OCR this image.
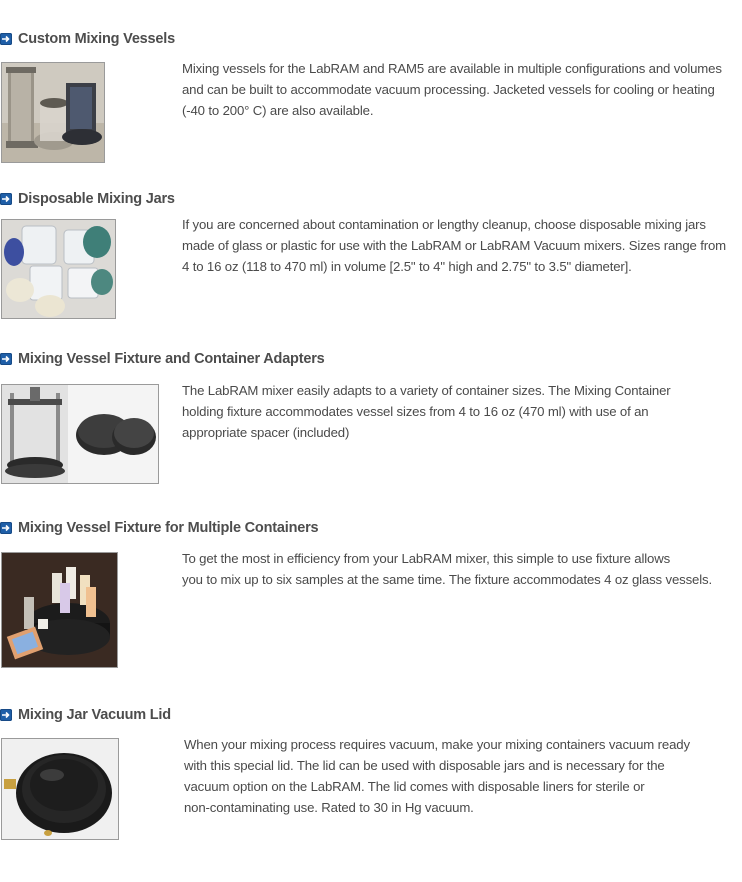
Custom Mixing Vessels
Mixing vessels for the LabRAM and RAM5 are available in multiple configurations and volumes
and can be built to accommodate vacuum processing. Jacketed vessels for cooling or heating
(-40 to 200° C) are also available.
Disposable Mixing Jars
If you are concerned about contamination or lengthy cleanup, choose disposable mixing jars
made of glass or plastic for use with the LabRAM or LabRAM Vacuum mixers. Sizes range from
4 to 16 oz (118 to 470 ml) in volume [2.5" to 4" high and 2.75" to 3.5" diameter].
Mixing Vessel Fixture and Container Adapters
The LabRAM mixer easily adapts to a variety of container sizes. The Mixing Container
holding fixture accommodates vessel sizes from 4 to 16 oz (470 ml) with use of an
appropriate spacer (included)
Mixing Vessel Fixture for Multiple Containers
To get the most in efficiency from your LabRAM mixer, this simple to use fixture allows
you to mix up to six samples at the same time. The fixture accommodates 4 oz glass vessels.
Mixing Jar Vacuum Lid
When your mixing process requires vacuum, make your mixing containers vacuum ready
with this special lid. The lid can be used with disposable jars and is necessary for the
vacuum option on the LabRAM. The lid comes with disposable liners for sterile or
non-contaminating use. Rated to 30 in Hg vacuum.
